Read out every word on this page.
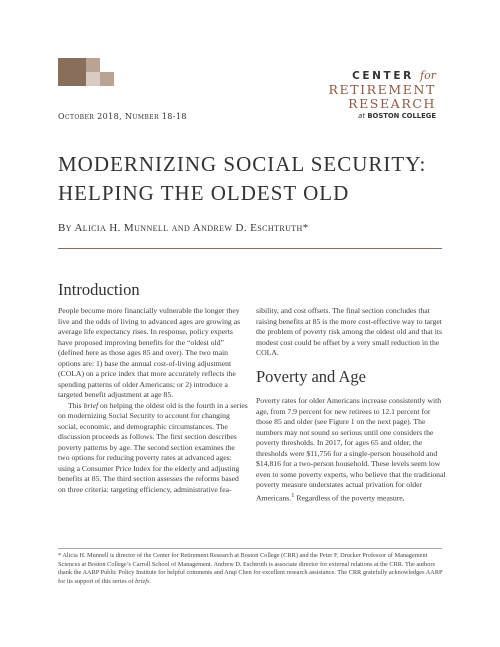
CENTER for
RETIREMENT
RESEARCH
at BOSTON COLLEGE
October 2018, Number 18-18
MODERNIZING SOCIAL SECURITY:
HELPING THE OLDEST OLD
By Alicia H. Munnell and Andrew D. Eschtruth*
Introduction

People become more financially vulnerable the longer they live and the odds of living to advanced ages are growing as average life expectancy rises. In response, policy experts have proposed improving benefits for the “oldest old” (defined here as those ages 85 and over). The two main options are: 1) base the annual cost-of-living adjustment (COLA) on a price index that more accurately reflects the spending patterns of older Americans; or 2) introduce a targeted benefit adjustment at age 85.

This brief on helping the oldest old is the fourth in a series on modernizing Social Security to account for changing social, economic, and demographic circumstances. The discussion proceeds as follows. The first section describes poverty patterns by age. The second section examines the two options for reducing poverty rates at advanced ages: using a Consumer Price Index for the elderly and adjusting benefits at 85. The third section assesses the reforms based on three criteria: targeting efficiency, administrative fea-

sibility, and cost offsets. The final section concludes that raising benefits at 85 is the more cost-effective way to target the problem of poverty risk among the oldest old and that its modest cost could be offset by a very small reduction in the COLA.

Poverty and Age

Poverty rates for older Americans increase consistently with age, from 7.9 percent for new retirees to 12.1 percent for those 85 and older (see Figure 1 on the next page). The numbers may not sound so serious until one considers the poverty thresholds. In 2017, for ages 65 and older, the thresholds were $11,756 for a single-person household and $14,816 for a two-person household. These levels seem low even to some poverty experts, who believe that the traditional poverty measure understates actual privation for older Americans.$^1$ Regardless of the poverty measure,

* Alicia H. Munnell is director of the Center for Retirement Research at Boston College (CRR) and the Peter F. Drucker Professor of Management Sciences at Boston College’s Carroll School of Management. Andrew D. Eschtruth is associate director for external relations at the CRR. The authors thank the AARP Public Policy Institute for helpful comments and Anqi Chen for excellent research assistance. The CRR gratefully acknowledges AARP for its support of this series of briefs.
